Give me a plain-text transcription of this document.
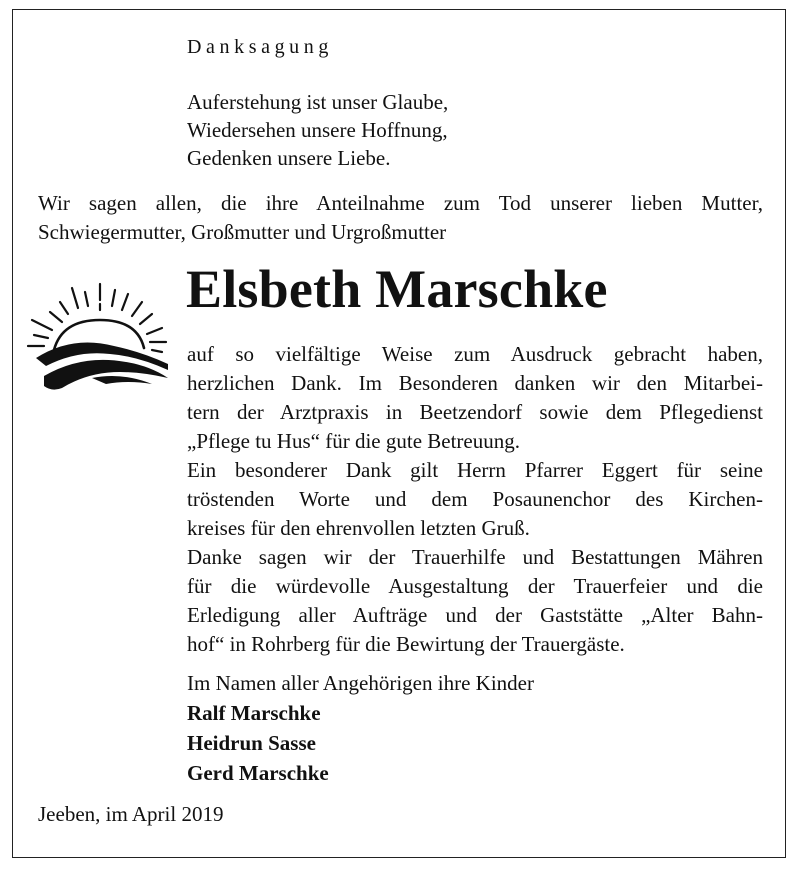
Danksagung
Auferstehung ist unser Glaube,
Wiedersehen unsere Hoffnung,
Gedenken unsere Liebe.
Wir sagen allen, die ihre Anteilnahme zum Tod unserer lieben Mutter,
Schwiegermutter, Großmutter und Urgroßmutter
Elsbeth Marschke
auf so vielfältige Weise zum Ausdruck gebracht haben,
herzlichen Dank. Im Besonderen danken wir den Mitarbei-
tern der Arztpraxis in Beetzendorf sowie dem Pflegedienst
„Pflege tu Hus“ für die gute Betreuung.
Ein besonderer Dank gilt Herrn Pfarrer Eggert für seine
tröstenden Worte und dem Posaunenchor des Kirchen-
kreises für den ehrenvollen letzten Gruß.
Danke sagen wir der Trauerhilfe und Bestattungen Mähren
für die würdevolle Ausgestaltung der Trauerfeier und die
Erledigung aller Aufträge und der Gaststätte „Alter Bahn-
hof“ in Rohrberg für die Bewirtung der Trauergäste.
Im Namen aller Angehörigen ihre Kinder
Ralf Marschke
Heidrun Sasse
Gerd Marschke
Jeeben, im April 2019
